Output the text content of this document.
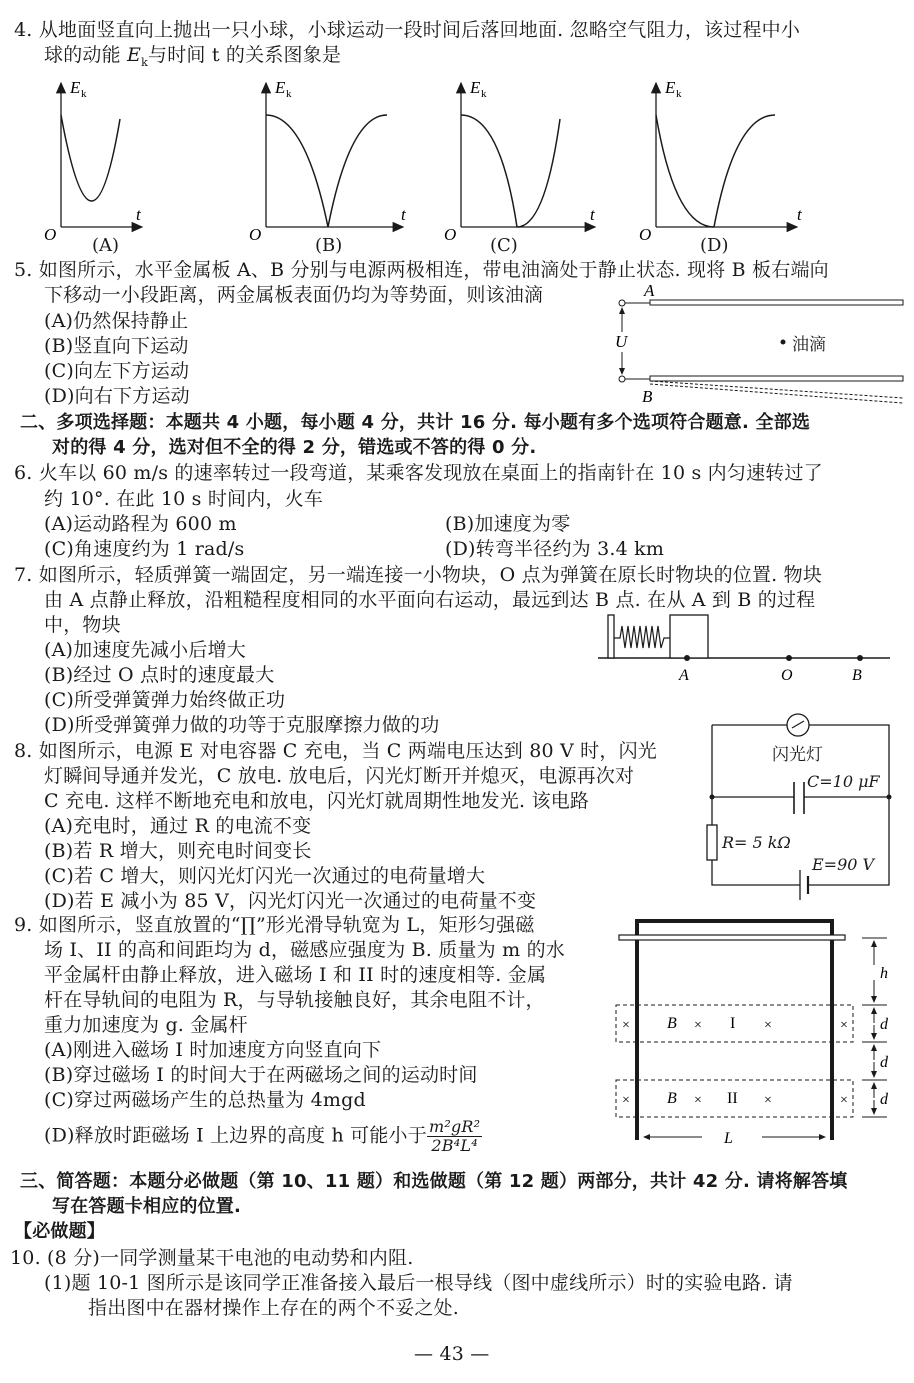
4. 从地面竖直向上抛出一只小球，小球运动一段时间后落回地面. 忽略空气阻力，该过程中小
球的动能 $E_k$与时间 t 的关系图象是
E k
t
O
(A)
E k
t
O
(B)
E k
t
O
(C)
E k
t
O
(D)
5. 如图所示，水平金属板 A、B 分别与电源两极相连，带电油滴处于静止状态. 现将 B 板右端向
下移动一小段距离，两金属板表面仍均为等势面，则该油滴
(A)仍然保持静止
(B)竖直向下运动
(C)向左下方运动
(D)向右下方运动
U
A
B
油滴
二、多项选择题：本题共 4 小题，每小题 4 分，共计 16 分. 每小题有多个选项符合题意. 全部选
对的得 4 分，选对但不全的得 2 分，错选或不答的得 0 分.
6. 火车以 60 m/s 的速率转过一段弯道，某乘客发现放在桌面上的指南针在 10 s 内匀速转过了
约 10°. 在此 10 s 时间内，火车
(A)运动路程为 600 m	(B)加速度为零
(C)角速度约为 1 rad/s	(D)转弯半径约为 3.4 km
7. 如图所示，轻质弹簧一端固定，另一端连接一小物块，O 点为弹簧在原长时物块的位置. 物块
由 A 点静止释放，沿粗糙程度相同的水平面向右运动，最远到达 B 点. 在从 A 到 B 的过程
中，物块
(A)加速度先减小后增大
(B)经过 O 点时的速度最大
(C)所受弹簧弹力始终做正功
(D)所受弹簧弹力做的功等于克服摩擦力做的功
A	O	B
8. 如图所示，电源 E 对电容器 C 充电，当 C 两端电压达到 80 V 时，闪光
灯瞬间导通并发光，C 放电. 放电后，闪光灯断开并熄灭，电源再次对
C 充电. 这样不断地充电和放电，闪光灯就周期性地发光. 该电路
(A)充电时，通过 R 的电流不变
(B)若 R 增大，则充电时间变长
(C)若 C 增大，则闪光灯闪光一次通过的电荷量增大
(D)若 E 减小为 85 V，闪光灯闪光一次通过的电荷量不变
闪光灯
C=10 μF
R= 5 kΩ
E=90 V
9. 如图所示，竖直放置的“∏”形光滑导轨宽为 L，矩形匀强磁
场 I、II 的高和间距均为 d，磁感应强度为 B. 质量为 m 的水
平金属杆由静止释放，进入磁场 I 和 II 时的速度相等. 金属
杆在导轨间的电阻为 R，与导轨接触良好，其余电阻不计，
重力加速度为 g. 金属杆
(A)刚进入磁场 I 时加速度方向竖直向下
(B)穿过磁场 I 的时间大于在两磁场之间的运动时间
(C)穿过两磁场产生的总热量为 4mgd
(D)释放时距磁场 I 上边界的高度 h 可能小于 $\frac{\text{m²gR²}}{\text{2B⁴L⁴}}$
h
d
d
d
L
×	×
B × I ×
×	×
B × II ×
三、简答题：本题分必做题（第 10、11 题）和选做题（第 12 题）两部分，共计 42 分. 请将解答填
写在答题卡相应的位置.
【必做题】
10. (8 分)一同学测量某干电池的电动势和内阻.
(1)题 10-1 图所示是该同学正准备接入最后一根导线（图中虚线所示）时的实验电路. 请
指出图中在器材操作上存在的两个不妥之处.
— 43 —
